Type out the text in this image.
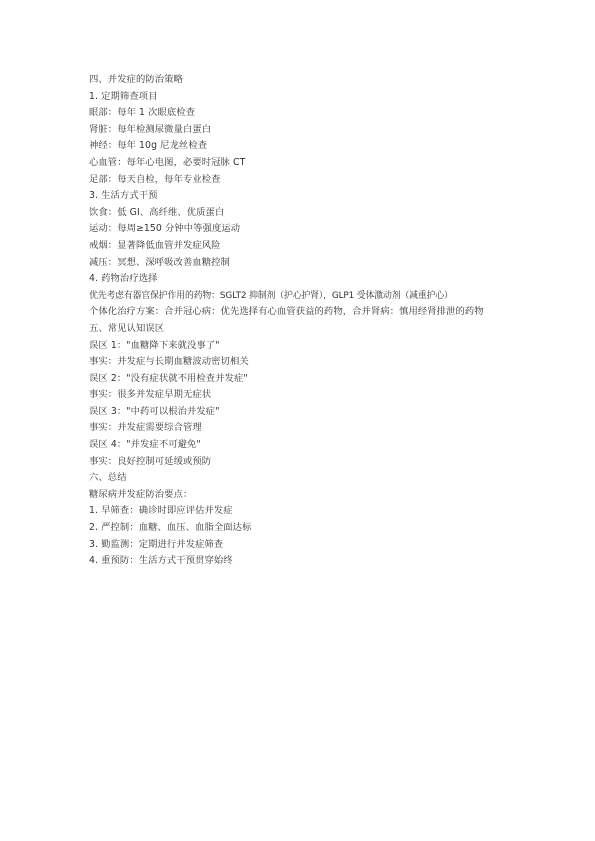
四、并发症的防治策略
1. 定期筛查项目
眼部：每年 1 次眼底检查
肾脏：每年检测尿微量白蛋白
神经：每年 10g 尼龙丝检查
心血管：每年心电图，必要时冠脉 CT
足部：每天自检，每年专业检查
3. 生活方式干预
饮食：低 GI、高纤维、优质蛋白
运动：每周≥150 分钟中等强度运动
戒烟：显著降低血管并发症风险
减压：冥想、深呼吸改善血糖控制
4. 药物治疗选择
优先考虑有器官保护作用的药物：SGLT2 抑制剂（护心护肾），GLP1 受体激动剂（减重护心）
个体化治疗方案：合并冠心病：优先选择有心血管获益的药物，合并肾病：慎用经肾排泄的药物
五、常见认知误区
误区 1："血糖降下来就没事了"
事实：并发症与长期血糖波动密切相关
误区 2："没有症状就不用检查并发症"
事实：很多并发症早期无症状
误区 3："中药可以根治并发症"
事实：并发症需要综合管理
误区 4："并发症不可避免"
事实：良好控制可延缓或预防
六、总结
糖尿病并发症防治要点：
1. 早筛查：确诊时即应评估并发症
2. 严控制：血糖、血压、血脂全面达标
3. 勤监测：定期进行并发症筛查
4. 重预防：生活方式干预贯穿始终
